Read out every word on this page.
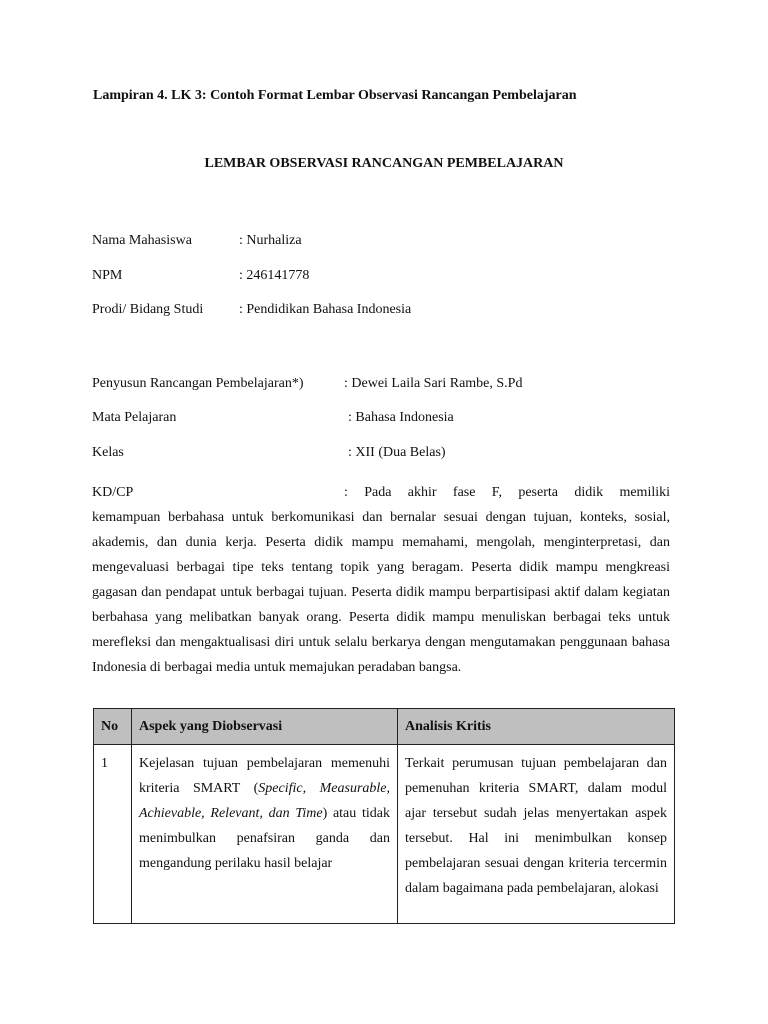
Lampiran 4. LK 3: Contoh Format Lembar Observasi Rancangan Pembelajaran
LEMBAR OBSERVASI RANCANGAN PEMBELAJARAN
Nama Mahasiswa	: Nurhaliza
NPM	: 246141778
Prodi/ Bidang Studi	: Pendidikan Bahasa Indonesia
Penyusun Rancangan Pembelajaran*)	: Dewei Laila Sari Rambe, S.Pd
Mata Pelajaran	: Bahasa Indonesia
Kelas	: XII (Dua Belas)
KD/CP	: Pada akhir fase F, peserta didik memiliki
kemampuan berbahasa untuk berkomunikasi dan bernalar sesuai dengan tujuan, konteks, sosial, akademis, dan dunia kerja. Peserta didik mampu memahami, mengolah, menginterpretasi, dan mengevaluasi berbagai tipe teks tentang topik yang beragam. Peserta didik mampu mengkreasi gagasan dan pendapat untuk berbagai tujuan. Peserta didik mampu berpartisipasi aktif dalam kegiatan berbahasa yang melibatkan banyak orang. Peserta didik mampu menuliskan berbagai teks untuk merefleksi dan mengaktualisasi diri untuk selalu berkarya dengan mengutamakan penggunaan bahasa Indonesia di berbagai media untuk memajukan peradaban bangsa.
No	Aspek yang Diobservasi	Analisis Kritis
1	Kejelasan tujuan pembelajaran memenuhi kriteria SMART (Specific, Measurable, Achievable, Relevant, dan Time) atau tidak menimbulkan penafsiran ganda dan mengandung perilaku hasil belajar	Terkait perumusan tujuan pembelajaran dan pemenuhan kriteria SMART, dalam modul ajar tersebut sudah jelas menyertakan aspek tersebut. Hal ini menimbulkan konsep pembelajaran sesuai dengan kriteria tercermin dalam bagaimana pada pembelajaran, alokasi
